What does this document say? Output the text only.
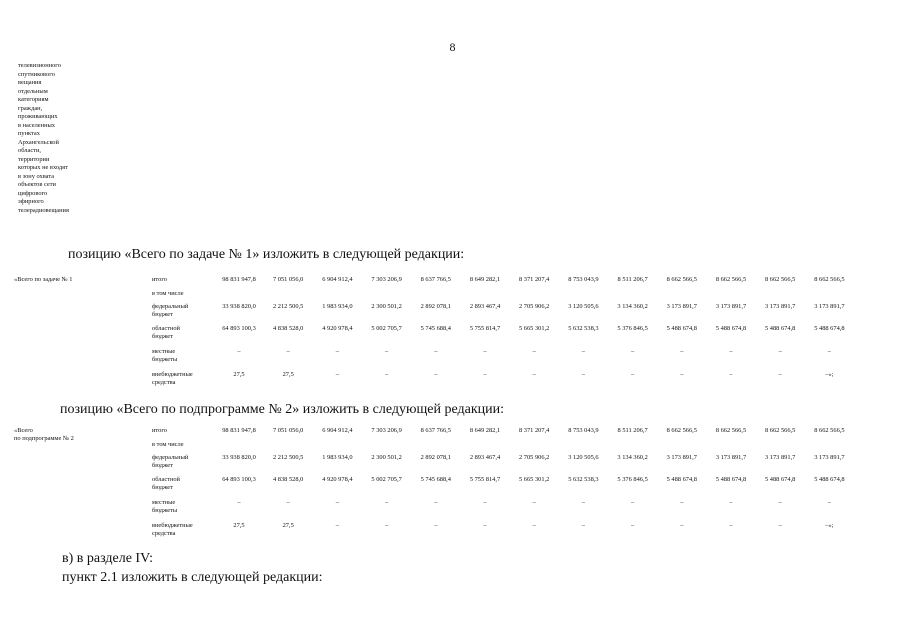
8
телевизионного
спутникового
вещания
отдельным
категориям
граждан,
проживающих
в населенных
пунктах
Архангельской
области,
территории
которых не входят
в зону охвата
объектов сети
цифрового
эфирного
телерадиовещания
позицию «Всего по задаче № 1» изложить в следующей редакции:
«Всего по задаче № 1	итого	98 831 947,8	7 051 056,0	6 904 912,4	7 303 206,9	8 637 766,5	8 649 282,1	8 371 207,4	8 753 043,9	8 511 206,7	8 662 566,5	8 662 566,5	8 662 566,5	8 662 566,5
в том числе
федеральный
бюджет
33 938 820,0	2 212 500,5	1 983 934,0	2 300 501,2	2 892 078,1	2 893 467,4	2 705 906,2	3 120 505,6	3 134 360,2	3 173 891,7	3 173 891,7	3 173 891,7	3 173 891,7
областной
бюджет
64 893 100,3	4 838 528,0	4 920 978,4	5 002 705,7	5 745 688,4	5 755 814,7	5 665 301,2	5 632 538,3	5 376 846,5	5 488 674,8	5 488 674,8	5 488 674,8	5 488 674,8
местные
бюджеты
–	–	–	–	–	–	–	–	–	–	–	–	–
внебюджетные
средства
27,5	27,5	–	–	–	–	–	–	–	–	–	–	–»;
позицию «Всего по подпрограмме № 2» изложить в следующей редакции:
«Всего
по подпрограмме № 2
итого	98 831 947,8	7 051 056,0	6 904 912,4	7 303 206,9	8 637 766,5	8 649 282,1	8 371 207,4	8 753 043,9	8 511 206,7	8 662 566,5	8 662 566,5	8 662 566,5	8 662 566,5
в том числе
федеральный
бюджет
33 938 820,0	2 212 500,5	1 983 934,0	2 300 501,2	2 892 078,1	2 893 467,4	2 705 906,2	3 120 505,6	3 134 360,2	3 173 891,7	3 173 891,7	3 173 891,7	3 173 891,7
областной
бюджет
64 893 100,3	4 838 528,0	4 920 978,4	5 002 705,7	5 745 688,4	5 755 814,7	5 665 301,2	5 632 538,3	5 376 846,5	5 488 674,8	5 488 674,8	5 488 674,8	5 488 674,8
местные
бюджеты
–	–	–	–	–	–	–	–	–	–	–	–	–
внебюджетные
средства
27,5	27,5	–	–	–	–	–	–	–	–	–	–	–»;
в) в разделе IV:
пункт 2.1 изложить в следующей редакции:
